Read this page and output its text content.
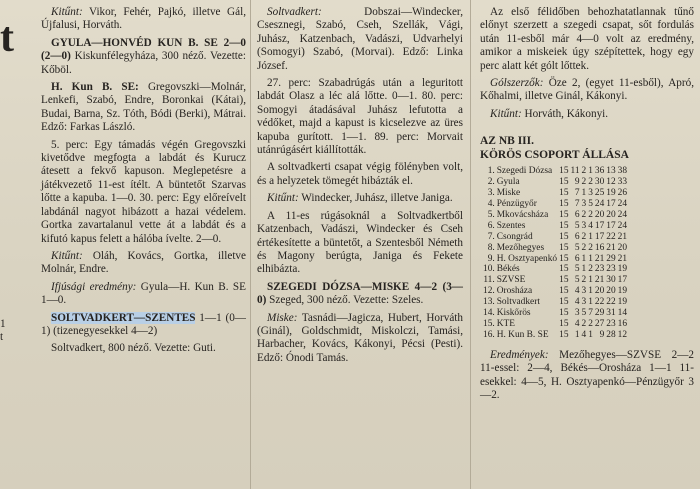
t
1
t

Kitűnt: Vikor, Fehér, Pajkó, illetve Gál, Újfalusi, Horváth.

GYULA—HONVÉD KUN B. SE 2—0 (2—0) Kiskunfélegyháza, 300 néző. Vezette: Kőböl.

H. Kun B. SE: Gregovszki—Molnár, Lenkefi, Szabó, Endre, Boronkai (Kátai), Budai, Barna, Sz. Tóth, Bódi (Berki), Mátrai. Edző: Farkas László.

5. perc: Egy támadás végén Gregovszki kivetődve megfogta a labdát és Kurucz átesett a fekvő kapuson. Meglepetésre a játékvezető 11-est ítélt. A büntetőt Szarvas lőtte a kapuba. 1—0. 30. perc: Egy előreívelt labdánál nagyot hibázott a hazai védelem. Gortka zavartalanul vette át a labdát és a kifutó kapus felett a hálóba ívelte. 2—0.

Kitűnt: Oláh, Kovács, Gortka, illetve Molnár, Endre.

Ifjúsági eredmény: Gyula—H. Kun B. SE 1—0.

SOLTVADKERT—SZENTES 1—1 (0—1) (tizenegyesekkel 4—2)

Soltvadkert, 800 néző. Vezette: Guti.

Soltvadkert: Dobszai—Windecker, Csesznegi, Szabó, Cseh, Szellák, Vági, Juhász, Katzenbach, Vadászi, Udvarhelyi (Somogyi) Szabó, (Morvai). Edző: Linka József.

27. perc: Szabadrúgás után a leguritott labdát Olasz a léc alá lőtte. 0—1. 80. perc: Somogyi átadásával Juhász lefutotta a védőket, majd a kapust is kicselezve az üres kapuba gurított. 1—1. 89. perc: Morvait utánrúgásért kiállították.

A soltvadkerti csapat végig fölényben volt, és a helyzetek tömegét hibázták el.

Kitűnt: Windecker, Juhász, illetve Janiga.

A 11-es rúgásoknál a Soltvadkertből Katzenbach, Vadászi, Windecker és Cseh értékesítette a büntetőt, a Szentesből Németh és Magony berúgta, Janiga és Fekete elhibázta.

SZEGEDI DÓZSA—MISKE 4—2 (3—0) Szeged, 300 néző. Vezette: Szeles.

Miske: Tasnádi—Jagicza, Hubert, Horváth (Ginál), Goldschmidt, Miskolczi, Tamási, Harbacher, Kovács, Kákonyi, Pécsi (Pesti). Edző: Ónodi Tamás.

Az első félidőben behozhatatlannak tűnő előnyt szerzett a szegedi csapat, sőt fordulás után 11-esből már 4—0 volt az eredmény, amikor a miskeiek úgy szépítettek, hogy egy perc alatt két gólt lőttek.

Gólszerzők: Öze 2, (egyet 11-esből), Apró, Kőhalmi, illetve Ginál, Kákonyi.

Kitűnt: Horváth, Kákonyi.

AZ NB III.

KÖRÖS CSOPORT ÁLLÁSA

1.	Szegedi Dózsa	15	11	2	1	36	13	38
2.	Gyula	15	9	2	2	30	12	33
3.	Miske	15	7	1	3	25	19	26
4.	Pénzügyőr	15	7	3	5	24	17	24
5.	Mkovácsháza	15	6	2	2	20	20	24
6.	Szentes	15	5	3	4	17	17	24
7.	Csongrád	15	6	2	1	17	22	21
8.	Mezőhegyes	15	5	2	2	16	21	20
9.	H. Osztyapenkó	15	6	1	1	21	29	21
10.	Békés	15	5	1	2	23	23	19
11.	SZVSE	15	5	2	1	21	30	17
12.	Orosháza	15	4	3	1	20	20	19
13.	Soltvadkert	15	4	3	1	22	22	19
14.	Kiskőrös	15	3	5	7	29	31	14
15.	KTE	15	4	2	2	27	23	16
16.	H. Kun B. SE	15	1	4	1	9	28	12

Eredmények: Mezőhegyes—SZVSE 2—2 11-essel: 2—4, Békés—Orosháza 1—1 11-esekkel: 4—5, H. Osztyapenkó—Pénzügyőr 3—2.
